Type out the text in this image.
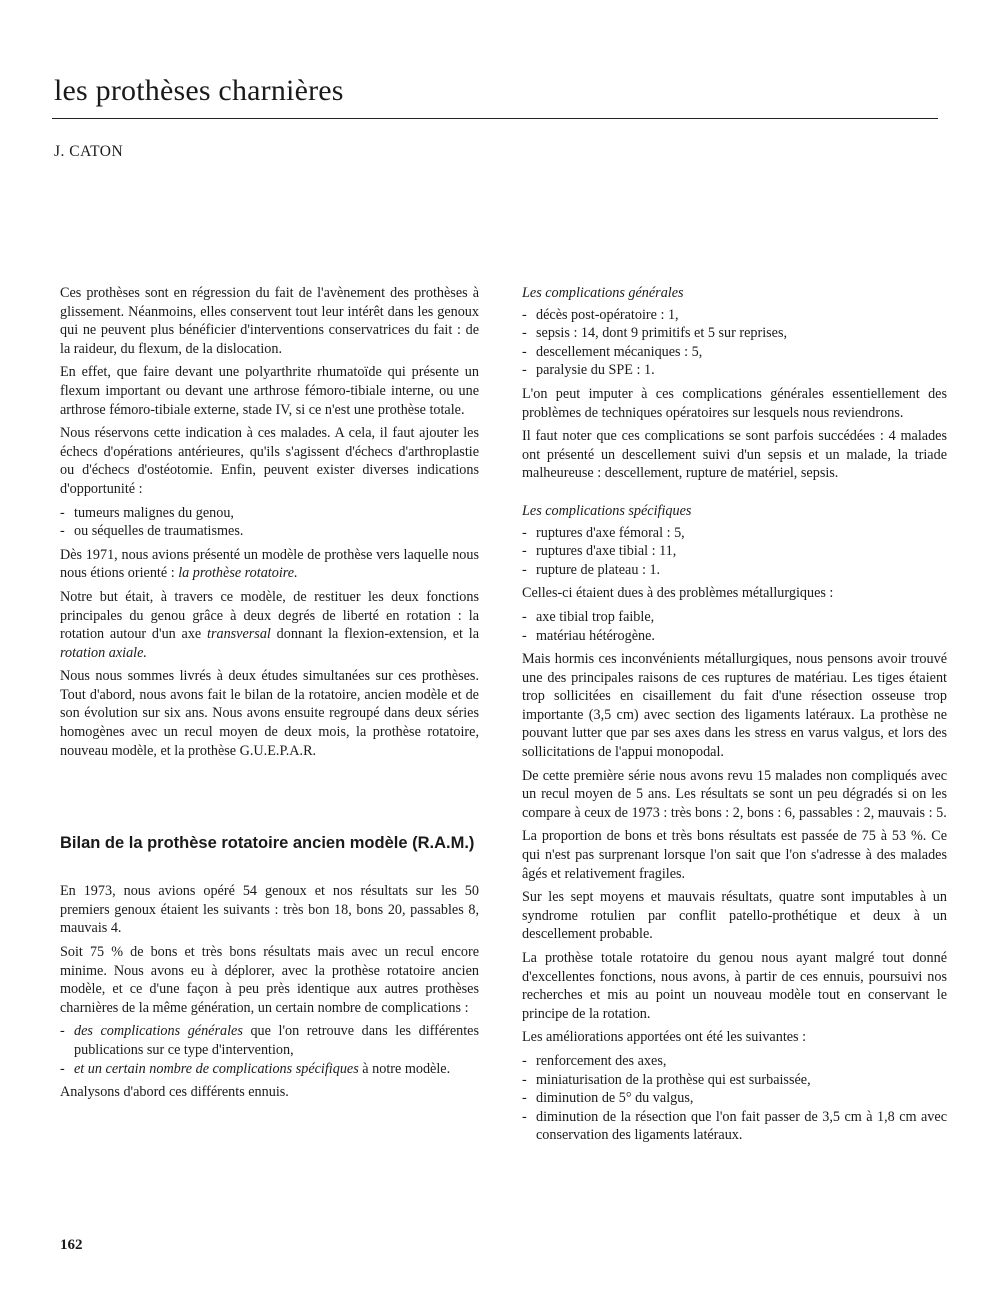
les prothèses charnières
J. CATON

Ces prothèses sont en régression du fait de l'avènement des prothèses à glissement. Néanmoins, elles conservent tout leur intérêt dans les genoux qui ne peuvent plus bénéficier d'interventions conservatrices du fait : de la raideur, du flexum, de la dislocation.

En effet, que faire devant une polyarthrite rhumatoïde qui présente un flexum important ou devant une arthrose fémoro-tibiale interne, ou une arthrose fémoro-tibiale externe, stade IV, si ce n'est une prothèse totale.

Nous réservons cette indication à ces malades. A cela, il faut ajouter les échecs d'opérations antérieures, qu'ils s'agissent d'échecs d'arthroplastie ou d'échecs d'ostéotomie. Enfin, peuvent exister diverses indications d'opportunité :

- tumeurs malignes du genou,
- ou séquelles de traumatismes.

Dès 1971, nous avions présenté un modèle de prothèse vers laquelle nous nous étions orienté : la prothèse rotatoire.

Notre but était, à travers ce modèle, de restituer les deux fonctions principales du genou grâce à deux degrés de liberté en rotation : la rotation autour d'un axe transversal donnant la flexion-extension, et la rotation axiale.

Nous nous sommes livrés à deux études simultanées sur ces prothèses. Tout d'abord, nous avons fait le bilan de la rotatoire, ancien modèle et de son évolution sur six ans. Nous avons ensuite regroupé dans deux séries homogènes avec un recul moyen de deux mois, la prothèse rotatoire, nouveau modèle, et la prothèse G.U.E.P.A.R.

Bilan de la prothèse rotatoire ancien modèle (R.A.M.)

En 1973, nous avions opéré 54 genoux et nos résultats sur les 50 premiers genoux étaient les suivants : très bon 18, bons 20, passables 8, mauvais 4.

Soit 75 % de bons et très bons résultats mais avec un recul encore minime. Nous avons eu à déplorer, avec la prothèse rotatoire ancien modèle, et ce d'une façon à peu près identique aux autres prothèses charnières de la même génération, un certain nombre de complications :

- des complications générales que l'on retrouve dans les différentes publications sur ce type d'intervention,
- et un certain nombre de complications spécifiques à notre modèle.

Analysons d'abord ces différents ennuis.

Les complications générales

- décès post-opératoire : 1,
- sepsis : 14, dont 9 primitifs et 5 sur reprises,
- descellement mécaniques : 5,
- paralysie du SPE : 1.

L'on peut imputer à ces complications générales essentiellement des problèmes de techniques opératoires sur lesquels nous reviendrons.

Il faut noter que ces complications se sont parfois succédées : 4 malades ont présenté un descellement suivi d'un sepsis et un malade, la triade malheureuse : descellement, rupture de matériel, sepsis.

Les complications spécifiques

- ruptures d'axe fémoral : 5,
- ruptures d'axe tibial : 11,
- rupture de plateau : 1.

Celles-ci étaient dues à des problèmes métallurgiques :

- axe tibial trop faible,
- matériau hétérogène.

Mais hormis ces inconvénients métallurgiques, nous pensons avoir trouvé une des principales raisons de ces ruptures de matériau. Les tiges étaient trop sollicitées en cisaillement du fait d'une résection osseuse trop importante (3,5 cm) avec section des ligaments latéraux. La prothèse ne pouvant lutter que par ses axes dans les stress en varus valgus, et lors des sollicitations de l'appui monopodal.

De cette première série nous avons revu 15 malades non compliqués avec un recul moyen de 5 ans. Les résultats se sont un peu dégradés si on les compare à ceux de 1973 : très bons : 2, bons : 6, passables : 2, mauvais : 5.

La proportion de bons et très bons résultats est passée de 75 à 53 %. Ce qui n'est pas surprenant lorsque l'on sait que l'on s'adresse à des malades âgés et relativement fragiles.

Sur les sept moyens et mauvais résultats, quatre sont imputables à un syndrome rotulien par conflit patello-prothétique et deux à un descellement probable.

La prothèse totale rotatoire du genou nous ayant malgré tout donné d'excellentes fonctions, nous avons, à partir de ces ennuis, poursuivi nos recherches et mis au point un nouveau modèle tout en conservant le principe de la rotation.

Les améliorations apportées ont été les suivantes :

- renforcement des axes,
- miniaturisation de la prothèse qui est surbaissée,
- diminution de 5° du valgus,
- diminution de la résection que l'on fait passer de 3,5 cm à 1,8 cm avec conservation des ligaments latéraux.
162
